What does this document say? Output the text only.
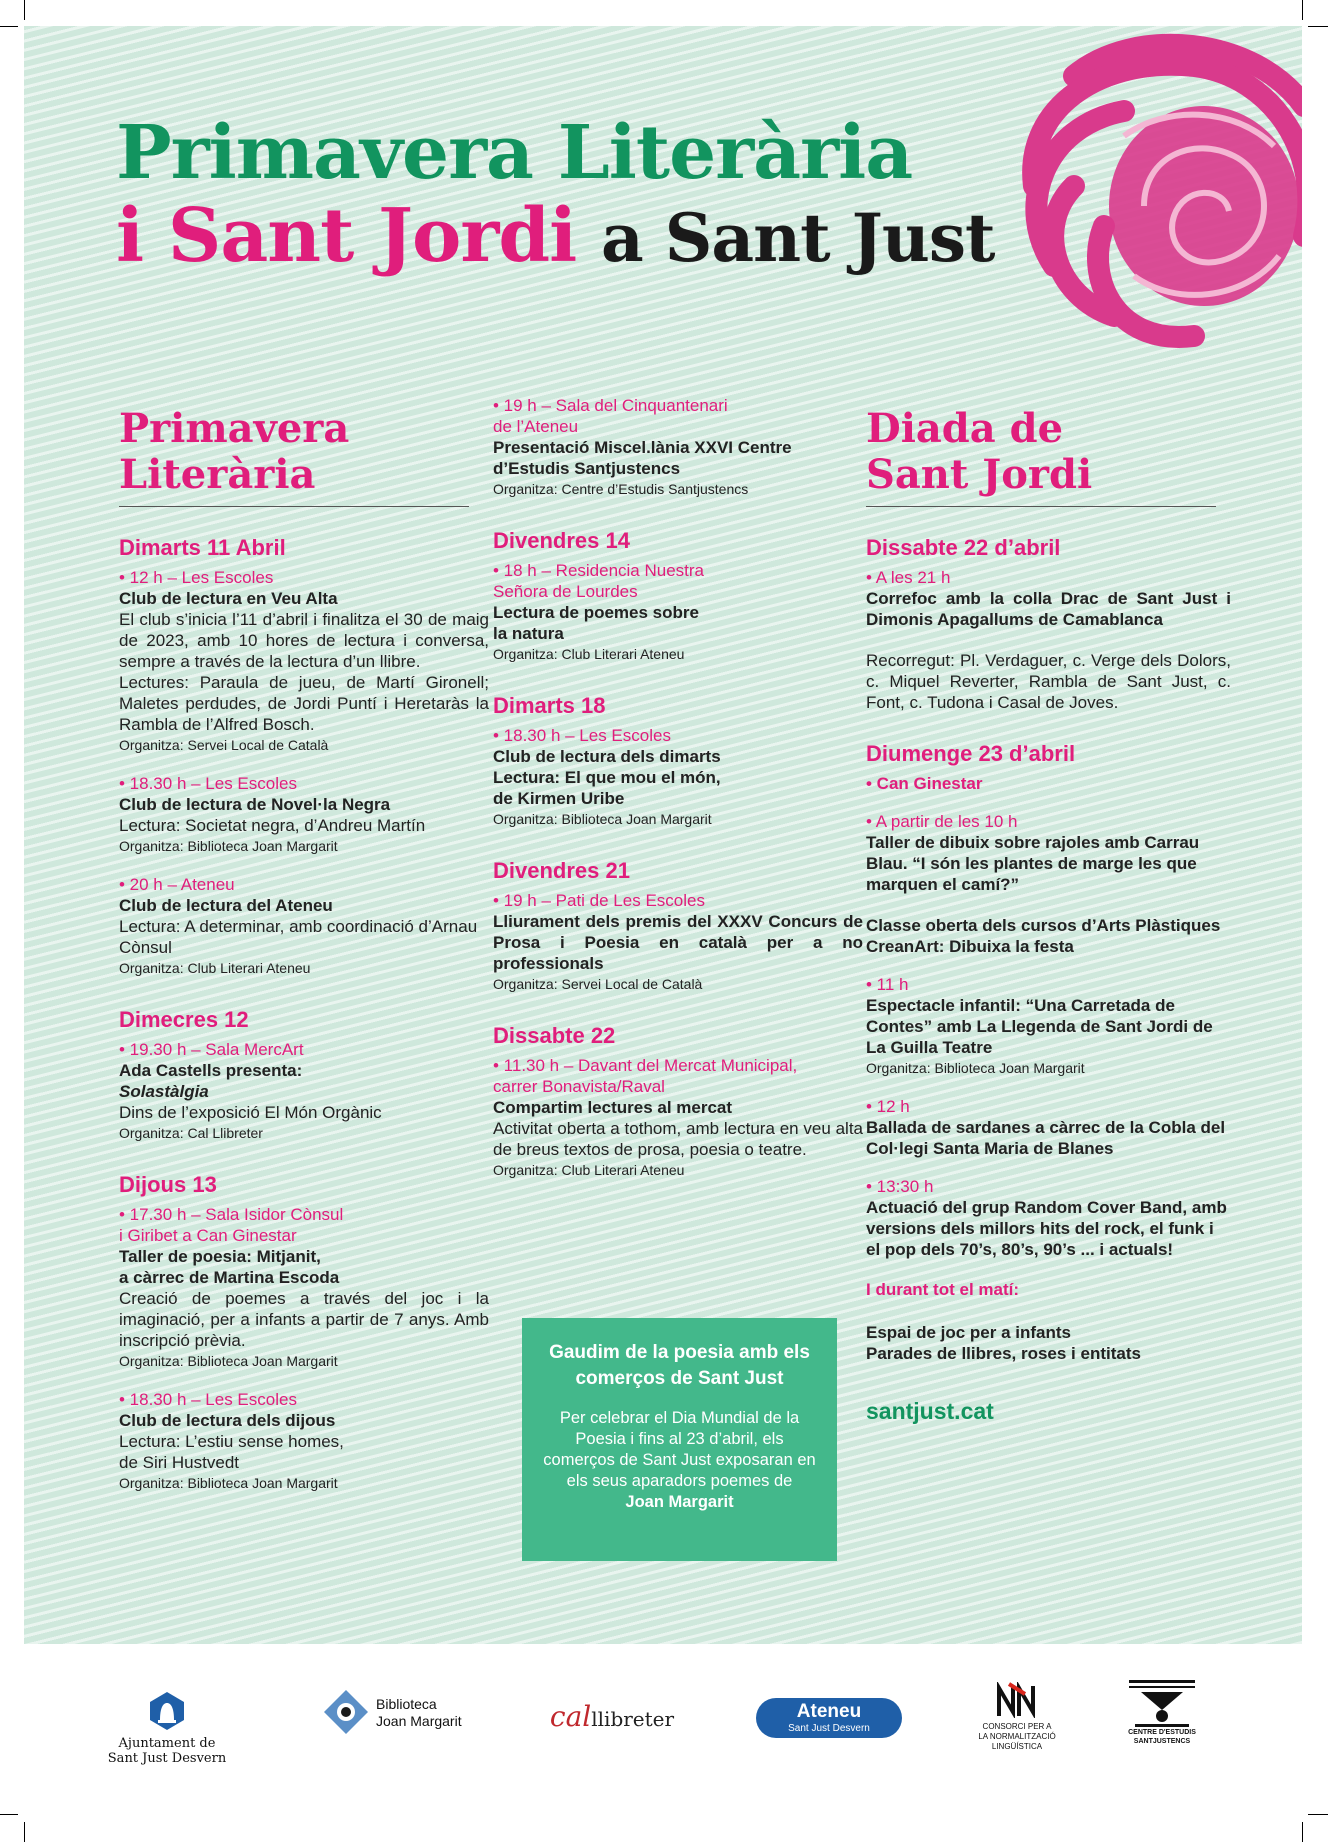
Primavera Literària
i Sant Jordi a Sant Just
Primavera
Literària
Dimarts 11 Abril
• 12 h – Les Escoles
Club de lectura en Veu Alta
El club s’inicia l’11 d’abril i finalitza el 30 de maig de 2023, amb 10 hores de lectura i conversa, sempre a través de la lectura d’un llibre.
Lectures: Paraula de jueu, de Martí Gironell; Maletes perdudes, de Jordi Puntí i Heretaràs la Rambla de l’Alfred Bosch.
Organitza: Servei Local de Català
• 18.30 h – Les Escoles
Club de lectura de Novel·la Negra
Lectura: Societat negra, d’Andreu Martín
Organitza: Biblioteca Joan Margarit
• 20 h – Ateneu
Club de lectura del Ateneu
Lectura: A determinar, amb coordinació d’Arnau Cònsul
Organitza: Club Literari Ateneu
Dimecres 12
• 19.30 h – Sala MercArt
Ada Castells presenta:
Solastàlgia
Dins de l’exposició El Món Orgànic
Organitza: Cal Llibreter
Dijous 13
• 17.30 h – Sala Isidor Cònsul
i Giribet a Can Ginestar
Taller de poesia: Mitjanit,
a càrrec de Martina Escoda
Creació de poemes a través del joc i la imaginació, per a infants a partir de 7 anys. Amb inscripció prèvia.
Organitza: Biblioteca Joan Margarit
• 18.30 h – Les Escoles
Club de lectura dels dijous
Lectura: L’estiu sense homes,
de Siri Hustvedt
Organitza: Biblioteca Joan Margarit
• 19 h – Sala del Cinquantenari
de l’Ateneu
Presentació Miscel.lània XXVI Centre d’Estudis Santjustencs
Organitza: Centre d’Estudis Santjustencs
Divendres 14
• 18 h – Residencia Nuestra
Señora de Lourdes
Lectura de poemes sobre
la natura
Organitza: Club Literari Ateneu
Dimarts 18
• 18.30 h – Les Escoles
Club de lectura dels dimarts
Lectura: El que mou el món,
de Kirmen Uribe
Organitza: Biblioteca Joan Margarit
Divendres 21
• 19 h – Pati de Les Escoles
Lliurament dels premis del XXXV Concurs de Prosa i Poesia en català per a no professionals
Organitza: Servei Local de Català
Dissabte 22
• 11.30 h – Davant del Mercat Municipal,
carrer Bonavista/Raval
Compartim lectures al mercat
Activitat oberta a tothom, amb lectura en veu alta de breus textos de prosa, poesia o teatre.
Organitza: Club Literari Ateneu
Gaudim de la poesia amb els comerços de Sant Just
Per celebrar el Dia Mundial de la Poesia i fins al 23 d’abril, els comerços de Sant Just exposaran en els seus aparadors poemes de
Joan Margarit
Diada de
Sant Jordi
Dissabte 22 d’abril
• A les 21 h
Correfoc amb la colla Drac de Sant Just i Dimonis Apagallums de Camablanca
Recorregut: Pl. Verdaguer, c. Verge dels Dolors, c. Miquel Reverter, Rambla de Sant Just, c. Font, c. Tudona i Casal de Joves.
Diumenge 23 d’abril
• Can Ginestar
• A partir de les 10 h
Taller de dibuix sobre rajoles amb Carrau Blau. “I són les plantes de marge les que marquen el camí?”
Classe oberta dels cursos d’Arts Plàstiques CreanArt: Dibuixa la festa
• 11 h
Espectacle infantil: “Una Carretada de Contes” amb La Llegenda de Sant Jordi de La Guilla Teatre
Organitza: Biblioteca Joan Margarit
• 12 h
Ballada de sardanes a càrrec de la Cobla del Col·legi Santa Maria de Blanes
• 13:30 h
Actuació del grup Random Cover Band, amb versions dels millors hits del rock, el funk i el pop dels 70’s, 80’s, 90’s ... i actuals!
I durant tot el matí:
Espai de joc per a infants
Parades de llibres, roses i entitats
santjust.cat
Ajuntament de
Sant Just Desvern
Biblioteca
Joan Margarit	calllibreter	Ateneu
Sant Just Desvern	CONSORCI PER A
LA NORMALITZACIÓ
LINGÜÍSTICA
CENTRE D'ESTUDIS
SANTJUSTENCS
